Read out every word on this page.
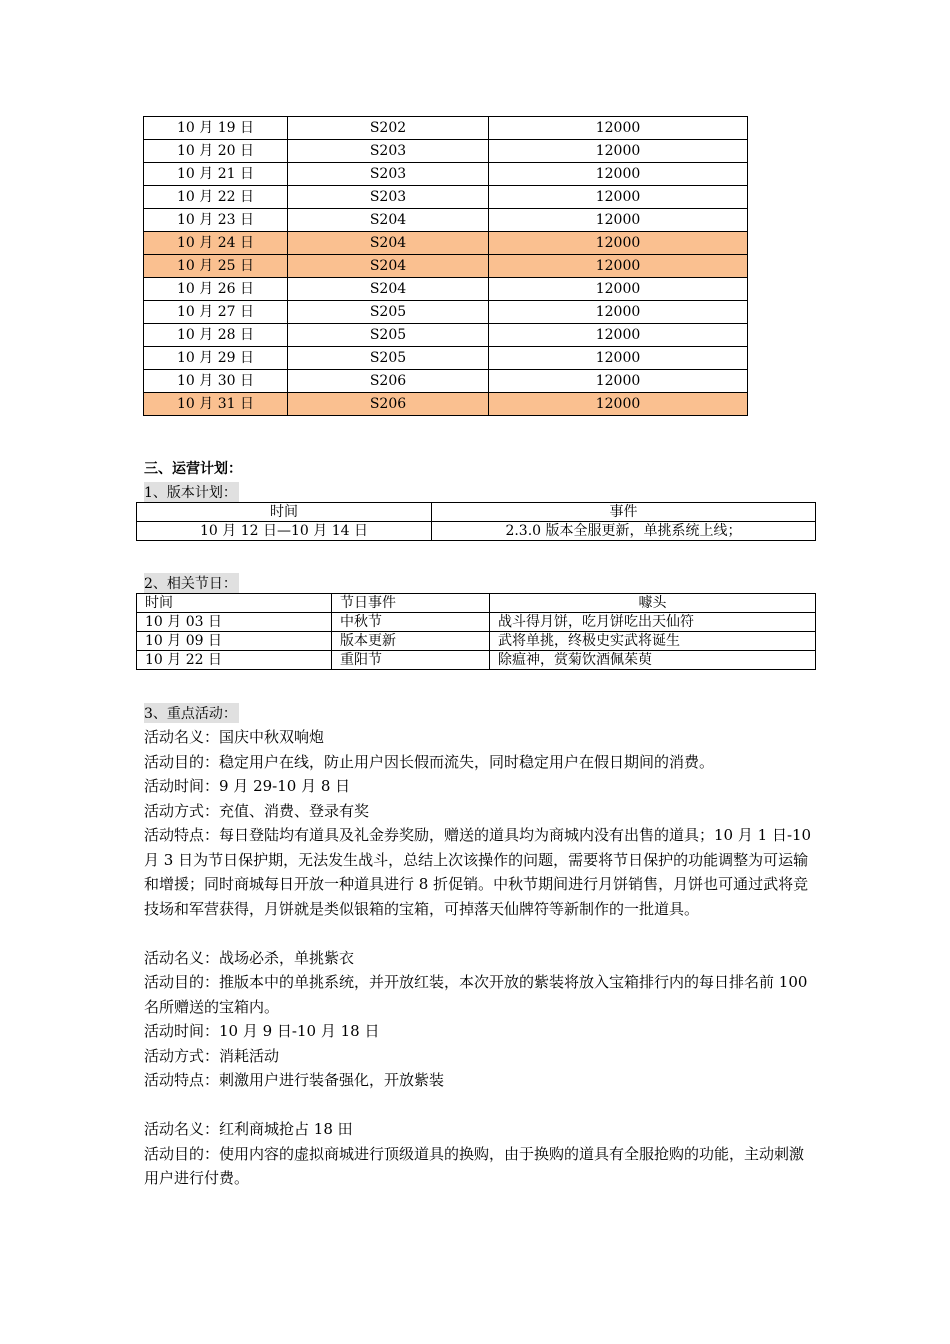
10 月 19 日	S202	12000
10 月 20 日	S203	12000
10 月 21 日	S203	12000
10 月 22 日	S203	12000
10 月 23 日	S204	12000
10 月 24 日	S204	12000
10 月 25 日	S204	12000
10 月 26 日	S204	12000
10 月 27 日	S205	12000
10 月 28 日	S205	12000
10 月 29 日	S205	12000
10 月 30 日	S206	12000
10 月 31 日	S206	12000
三、运营计划：
1、版本计划：
时间	事件
10 月 12 日—10 月 14 日	2.3.0 版本全服更新，单挑系统上线；
2、相关节日：
时间	节日事件	噱头
10 月 03 日	中秋节	战斗得月饼，吃月饼吃出天仙符
10 月 09 日	版本更新	武将单挑，终极史实武将诞生
10 月 22 日	重阳节	除瘟神，赏菊饮酒佩茱萸
3、重点活动：

活动名义：国庆中秋双响炮

活动目的：稳定用户在线，防止用户因长假而流失，同时稳定用户在假日期间的消费。

活动时间：9 月 29-10 月 8 日

活动方式：充值、消费、登录有奖

活动特点：每日登陆均有道具及礼金券奖励，赠送的道具均为商城内没有出售的道具；10 月 1 日-10 月 3 日为节日保护期，无法发生战斗，总结上次该操作的问题，需要将节日保护的功能调整为可运输和增援；同时商城每日开放一种道具进行 8 折促销。中秋节期间进行月饼销售，月饼也可通过武将竞技场和军营获得，月饼就是类似银箱的宝箱，可掉落天仙牌符等新制作的一批道具。

活动名义：战场必杀，单挑紫衣

活动目的：推版本中的单挑系统，并开放红装，本次开放的紫装将放入宝箱排行内的每日排名前 100 名所赠送的宝箱内。

活动时间：10 月 9 日-10 月 18 日

活动方式：消耗活动

活动特点：刺激用户进行装备强化，开放紫装

活动名义：红利商城抢占 18 田

活动目的：使用内容的虚拟商城进行顶级道具的换购，由于换购的道具有全服抢购的功能，主动刺激用户进行付费。
